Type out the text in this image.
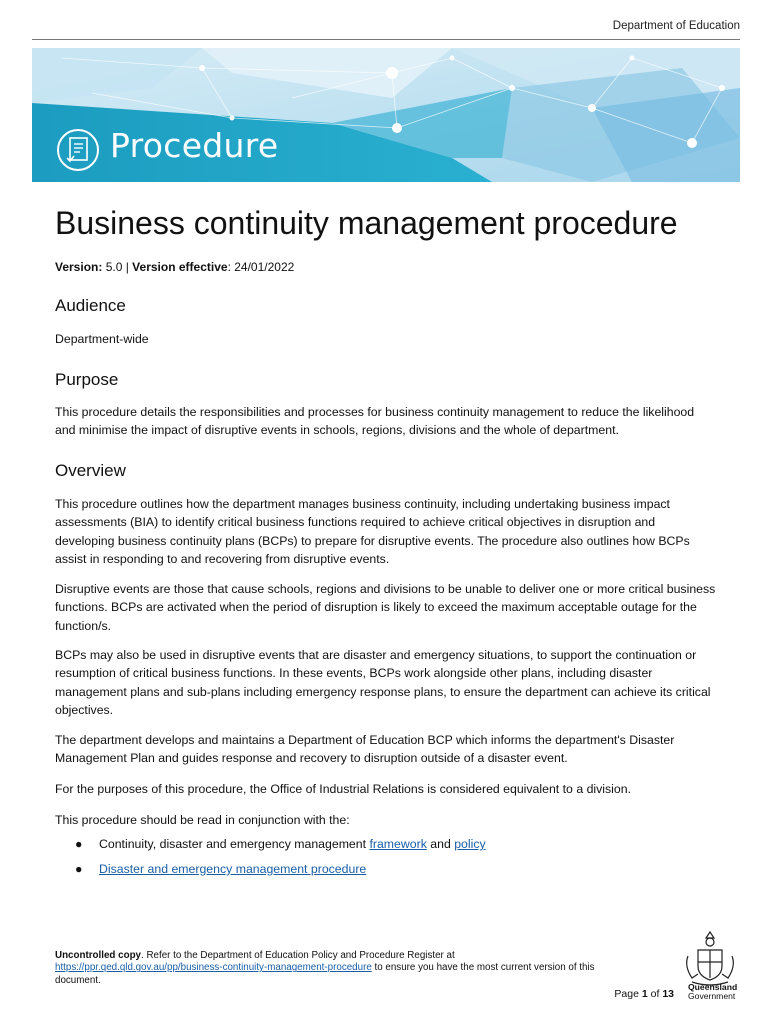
Department of Education
Procedure
Business continuity management procedure
Version: 5.0 | Version effective: 24/01/2022
Audience

Department-wide

Purpose

This procedure details the responsibilities and processes for business continuity management to reduce the likelihood and minimise the impact of disruptive events in schools, regions, divisions and the whole of department.

Overview

This procedure outlines how the department manages business continuity, including undertaking business impact assessments (BIA) to identify critical business functions required to achieve critical objectives in disruption and developing business continuity plans (BCPs) to prepare for disruptive events. The procedure also outlines how BCPs assist in responding to and recovering from disruptive events.

Disruptive events are those that cause schools, regions and divisions to be unable to deliver one or more critical business functions. BCPs are activated when the period of disruption is likely to exceed the maximum acceptable outage for the function/s.

BCPs may also be used in disruptive events that are disaster and emergency situations, to support the continuation or resumption of critical business functions. In these events, BCPs work alongside other plans, including disaster management plans and sub-plans including emergency response plans, to ensure the department can achieve its critical objectives.

The department develops and maintains a Department of Education BCP which informs the department's Disaster Management Plan and guides response and recovery to disruption outside of a disaster event.

For the purposes of this procedure, the Office of Industrial Relations is considered equivalent to a division.

This procedure should be read in conjunction with the:

● Continuity, disaster and emergency management framework and policy
● Disaster and emergency management procedure
Uncontrolled copy. Refer to the Department of Education Policy and Procedure Register at
https://ppr.qed.qld.gov.au/pp/business-continuity-management-procedure to ensure you have the most current version of this document.
Page 1 of 13
Queensland
Government
